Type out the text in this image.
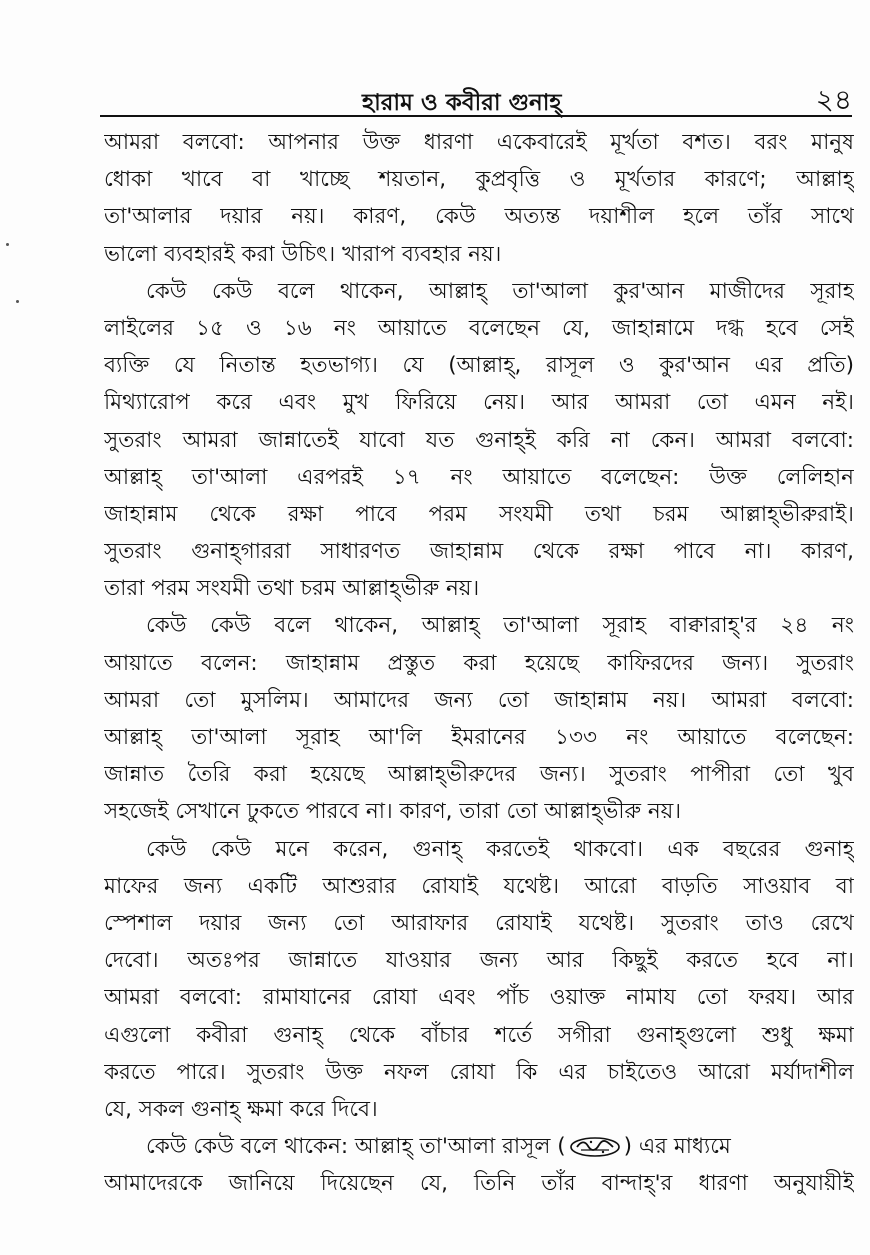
হারাম ও কবীরা গুনাহ্	২৪
আমরা বলবো: আপনার উক্ত ধারণা একেবারেই মূর্খতা বশত। বরং মানুষ
ধোকা খাবে বা খাচ্ছে শয়তান, কুপ্রবৃত্তি ও মূর্খতার কারণে; আল্লাহ্
তা'আলার দয়ার নয়। কারণ, কেউ অত্যন্ত দয়াশীল হলে তাঁর সাথে
ভালো ব্যবহারই করা উচিৎ। খারাপ ব্যবহার নয়।
কেউ কেউ বলে থাকেন, আল্লাহ্ তা'আলা কুর'আন মাজীদের সূরাহ
লাইলের ১৫ ও ১৬ নং আয়াতে বলেছেন যে, জাহান্নামে দগ্ধ হবে সেই
ব্যক্তি যে নিতান্ত হতভাগ্য। যে (আল্লাহ্, রাসূল ও কুর'আন এর প্রতি)
মিথ্যারোপ করে এবং মুখ ফিরিয়ে নেয়। আর আমরা তো এমন নই।
সুতরাং আমরা জান্নাতেই যাবো যত গুনাহ্ই করি না কেন। আমরা বলবো:
আল্লাহ্ তা'আলা এরপরই ১৭ নং আয়াতে বলেছেন: উক্ত লেলিহান
জাহান্নাম থেকে রক্ষা পাবে পরম সংযমী তথা চরম আল্লাহ্ভীরুরাই।
সুতরাং গুনাহ্গাররা সাধারণত জাহান্নাম থেকে রক্ষা পাবে না। কারণ,
তারা পরম সংযমী তথা চরম আল্লাহ্ভীরু নয়।
কেউ কেউ বলে থাকেন, আল্লাহ্ তা'আলা সূরাহ বাক্বারাহ্'র ২৪ নং
আয়াতে বলেন: জাহান্নাম প্রস্তুত করা হয়েছে কাফিরদের জন্য। সুতরাং
আমরা তো মুসলিম। আমাদের জন্য তো জাহান্নাম নয়। আমরা বলবো:
আল্লাহ্ তা'আলা সূরাহ আ'লি ইমরানের ১৩৩ নং আয়াতে বলেছেন:
জান্নাত তৈরি করা হয়েছে আল্লাহ্ভীরুদের জন্য। সুতরাং পাপীরা তো খুব
সহজেই সেখানে ঢুকতে পারবে না। কারণ, তারা তো আল্লাহ্ভীরু নয়।
কেউ কেউ মনে করেন, গুনাহ্ করতেই থাকবো। এক বছরের গুনাহ্
মাফের জন্য একটি আশুরার রোযাই যথেষ্ট। আরো বাড়তি সাওয়াব বা
স্পেশাল দয়ার জন্য তো আরাফার রোযাই যথেষ্ট। সুতরাং তাও রেখে
দেবো। অতঃপর জান্নাতে যাওয়ার জন্য আর কিছুই করতে হবে না।
আমরা বলবো: রামাযানের রোযা এবং পাঁচ ওয়াক্ত নামায তো ফরয। আর
এগুলো কবীরা গুনাহ্ থেকে বাঁচার শর্তে সগীরা গুনাহ্গুলো শুধু ক্ষমা
করতে পারে। সুতরাং উক্ত নফল রোযা কি এর চাইতেও আরো মর্যাদাশীল
যে, সকল গুনাহ্ ক্ষমা করে দিবে।
কেউ কেউ বলে থাকেন: আল্লাহ্ তা'আলা রাসূল (	) এর মাধ্যমে
আমাদেরকে জানিয়ে দিয়েছেন যে, তিনি তাঁর বান্দাহ্'র ধারণা অনুযায়ীই
